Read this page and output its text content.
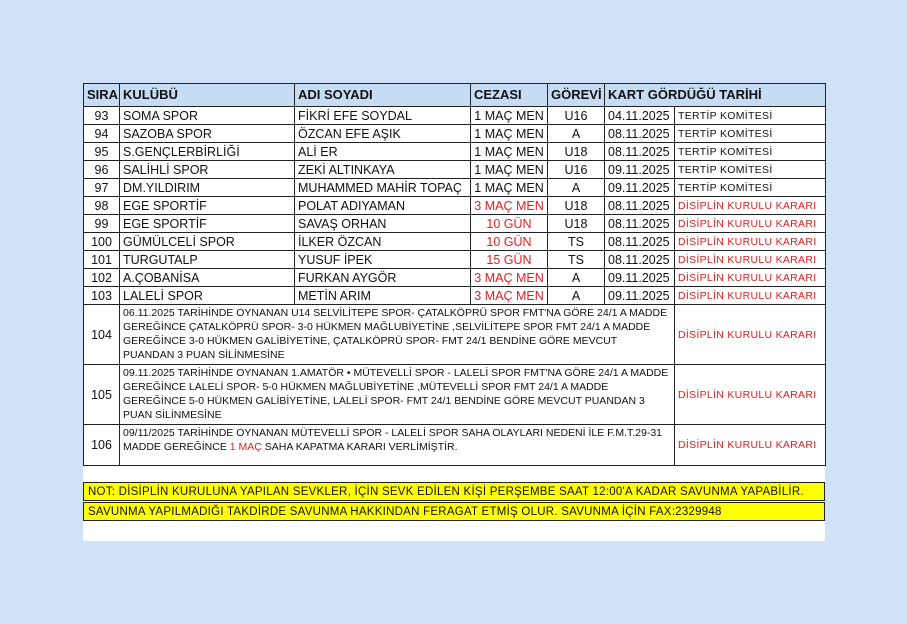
SIRA	KULÜBÜ	ADI SOYADI	CEZASI	GÖREVİ	KART GÖRDÜĞÜ TARİHİ	
93	SOMA SPOR	FİKRİ EFE SOYDAL	1 MAÇ MEN	U16	04.11.2025	TERTİP KOMİTESİ
94	SAZOBA SPOR	ÖZCAN EFE AŞIK	1 MAÇ MEN	A	08.11.2025	TERTİP KOMİTESİ
95	S.GENÇLERBİRLİĞİ	ALİ ER	1 MAÇ MEN	U18	08.11.2025	TERTİP KOMİTESİ
96	SALİHLİ SPOR	ZEKİ ALTINKAYA	1 MAÇ MEN	U16	09.11.2025	TERTİP KOMİTESİ
97	DM.YILDIRIM	MUHAMMED MAHİR TOPAÇ	1 MAÇ MEN	A	09.11.2025	TERTİP KOMİTESİ
98	EGE SPORTİF	POLAT ADIYAMAN	3 MAÇ MEN	U18	08.11.2025	DİSİPLİN KURULU KARARI
99	EGE SPORTİF	SAVAŞ ORHAN	10 GÜN	U18	08.11.2025	DİSİPLİN KURULU KARARI
100	GÜMÜLCELİ SPOR	İLKER ÖZCAN	10 GÜN	TS	08.11.2025	DİSİPLİN KURULU KARARI
101	TURGUTALP	YUSUF İPEK	15 GÜN	TS	08.11.2025	DİSİPLİN KURULU KARARI
102	A.ÇOBANİSA	FURKAN AYGÖR	3 MAÇ MEN	A	09.11.2025	DİSİPLİN KURULU KARARI
103	LALELİ SPOR	METİN ARIM	3 MAÇ MEN	A	09.11.2025	DİSİPLİN KURULU KARARI
104	06.11.2025 TARİHİNDE OYNANAN U14 SELVİLİTEPE SPOR- ÇATALKÖPRÜ SPOR FMT'NA GÖRE 24/1 A MADDE GEREĞİNCE ÇATALKÖPRÜ SPOR- 3-0 HÜKMEN MAĞLUBİYETİNE ,SELVİLİTEPE SPOR FMT 24/1 A MADDE GEREĞİNCE 3-0 HÜKMEN GALİBİYETİNE, ÇATALKÖPRÜ SPOR- FMT 24/1 BENDİNE GÖRE MEVCUT PUANDAN 3 PUAN SİLİNMESİNE					DİSİPLİN KURULU KARARI
105	09.11.2025 TARİHİNDE OYNANAN 1.AMATÖR • MÜTEVELLİ SPOR - LALELİ SPOR FMT'NA GÖRE 24/1 A MADDE GEREĞİNCE LALELİ SPOR- 5-0 HÜKMEN MAĞLUBİYETİNE ,MÜTEVELLİ SPOR FMT 24/1 A MADDE GEREĞİNCE 5-0 HÜKMEN GALİBİYETİNE, LALELİ SPOR- FMT 24/1 BENDİNE GÖRE MEVCUT PUANDAN 3 PUAN SİLİNMESİNE					DİSİPLİN KURULU KARARI
106	09/11/2025 TARİHİNDE OYNANAN MÜTEVELLİ SPOR - LALELİ SPOR SAHA OLAYLARI NEDENİ İLE F.M.T.29-31 MADDE GEREĞİNCE 1 MAÇ SAHA KAPATMA KARARI VERLİMİŞTİR.					DİSİPLİN KURULU KARARI
NOT: DİSİPLİN KURULUNA YAPILAN SEVKLER, İÇİN SEVK EDİLEN KİŞİ PERŞEMBE SAAT 12:00'A KADAR SAVUNMA YAPABİLİR.
SAVUNMA YAPILMADIĞI TAKDİRDE SAVUNMA HAKKINDAN FERAGAT ETMİŞ OLUR. SAVUNMA İÇİN FAX:2329948
